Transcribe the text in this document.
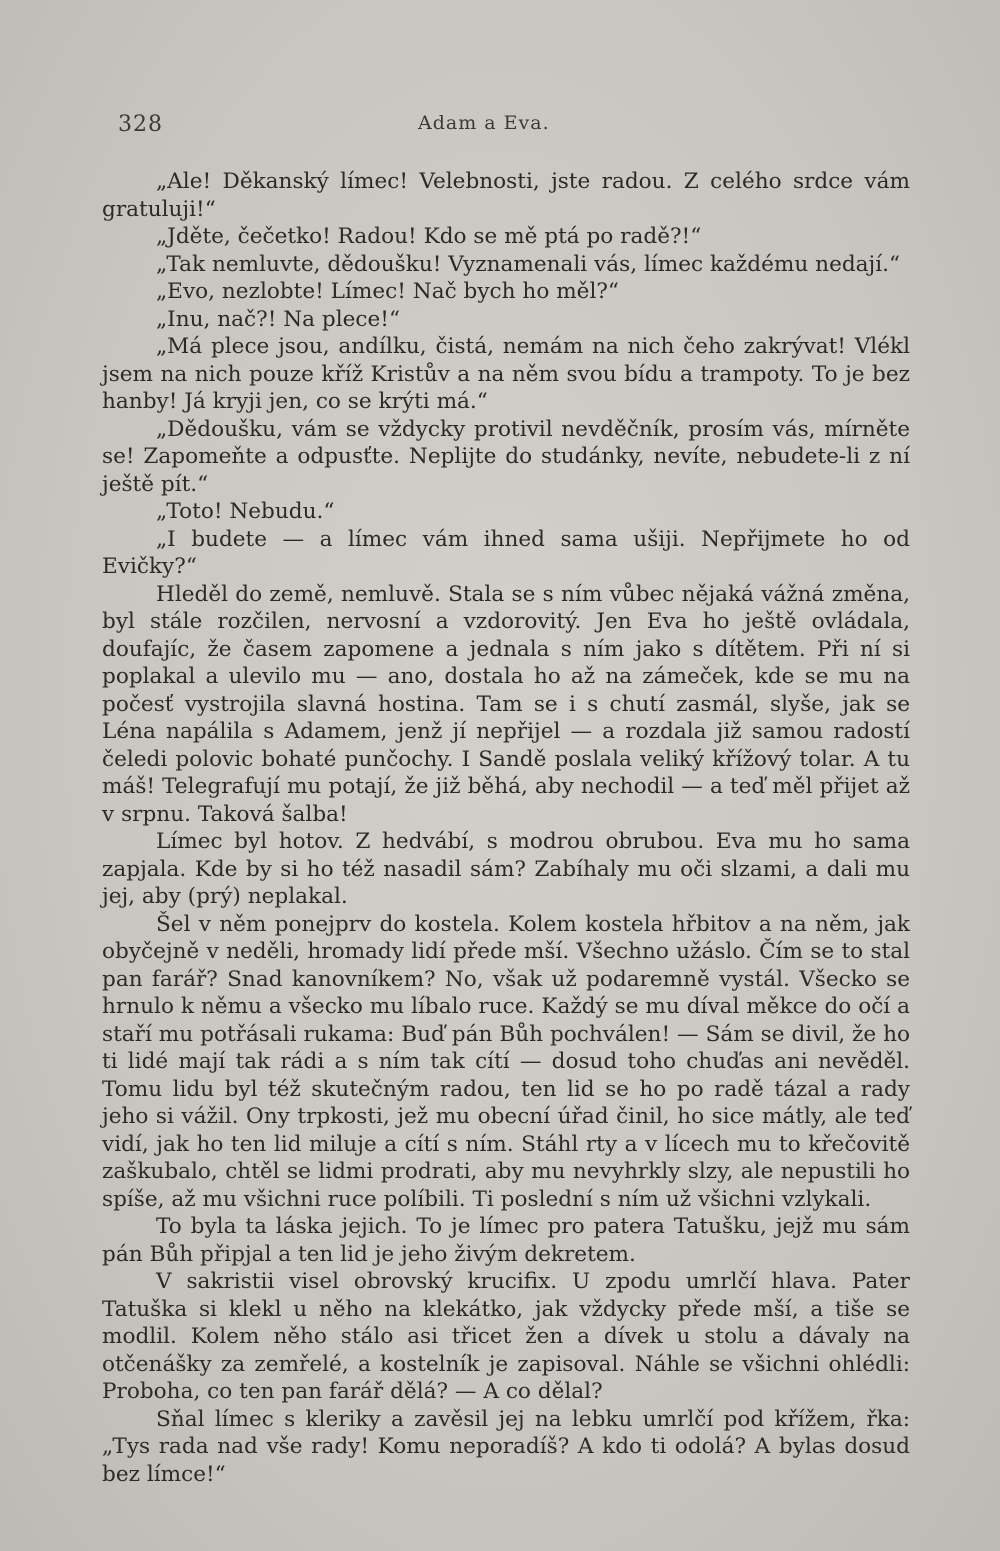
328	Adam a Eva.

„Ale! Děkanský límec! Velebnosti, jste radou. Z celého srdce vám gratuluji!“

„Jděte, čečetko! Radou! Kdo se mě ptá po radě?!“

„Tak nemluvte, dědoušku! Vyznamenali vás, límec každému nedají.“

„Evo, nezlobte! Límec! Nač bych ho měl?“

„Inu, nač?! Na plece!“

„Má plece jsou, andílku, čistá, nemám na nich čeho zakrývat! Vlékl jsem na nich pouze kříž Kristův a na něm svou bídu a trampoty. To je bez hanby! Já kryji jen, co se krýti má.“

„Dědoušku, vám se vždycky protivil nevděčník, prosím vás, mírněte se! Zapomeňte a odpusťte. Neplijte do studánky, nevíte, nebudete-li z ní ještě pít.“

„Toto! Nebudu.“

„I budete — a límec vám ihned sama ušiji. Nepřijmete ho od Evičky?“

Hleděl do země, nemluvě. Stala se s ním vůbec nějaká vážná změna, byl stále rozčilen, nervosní a vzdorovitý. Jen Eva ho ještě ovládala, doufajíc, že časem zapomene a jednala s ním jako s dítětem. Při ní si poplakal a ulevilo mu — ano, dostala ho až na zámeček, kde se mu na počesť vystrojila slavná hostina. Tam se i s chutí zasmál, slyše, jak se Léna napálila s Adamem, jenž jí nepřijel — a rozdala již samou radostí čeledi polovic bohaté punčochy. I Sandě poslala veliký křížový tolar. A tu máš! Telegrafují mu potají, že již běhá, aby nechodil — a teď měl přijet až v srpnu. Taková šalba!

Límec byl hotov. Z hedvábí, s modrou obrubou. Eva mu ho sama zapjala. Kde by si ho též nasadil sám? Zabíhaly mu oči slzami, a dali mu jej, aby (prý) neplakal.

Šel v něm ponejprv do kostela. Kolem kostela hřbitov a na něm, jak obyčejně v neděli, hromady lidí přede mší. Všechno užáslo. Čím se to stal pan farář? Snad kanovníkem? No, však už podaremně vystál. Všecko se hrnulo k němu a všecko mu líbalo ruce. Každý se mu díval měkce do očí a staří mu potřásali rukama: Buď pán Bůh pochválen! — Sám se divil, že ho ti lidé mají tak rádi a s ním tak cítí — dosud toho chuďas ani nevěděl. Tomu lidu byl též skutečným radou, ten lid se ho po radě tázal a rady jeho si vážil. Ony trpkosti, jež mu obecní úřad činil, ho sice mátly, ale teď vidí, jak ho ten lid miluje a cítí s ním. Stáhl rty a v lícech mu to křečovitě zaškubalo, chtěl se lidmi prodrati, aby mu nevyhrkly slzy, ale nepustili ho spíše, až mu všichni ruce políbili. Ti poslední s ním už všichni vzlykali.

To byla ta láska jejich. To je límec pro patera Tatušku, jejž mu sám pán Bůh připjal a ten lid je jeho živým dekretem.

V sakristii visel obrovský krucifix. U zpodu umrlčí hlava. Pater Tatuška si klekl u něho na klekátko, jak vždycky přede mší, a tiše se modlil. Kolem něho stálo asi třicet žen a dívek u stolu a dávaly na otčenášky za zemřelé, a kostelník je zapisoval. Náhle se všichni ohlédli: Proboha, co ten pan farář dělá? — A co dělal?

Sňal límec s kleriky a zavěsil jej na lebku umrlčí pod křížem, řka: „Tys rada nad vše rady! Komu neporadíš? A kdo ti odolá? A bylas dosud bez límce!“
